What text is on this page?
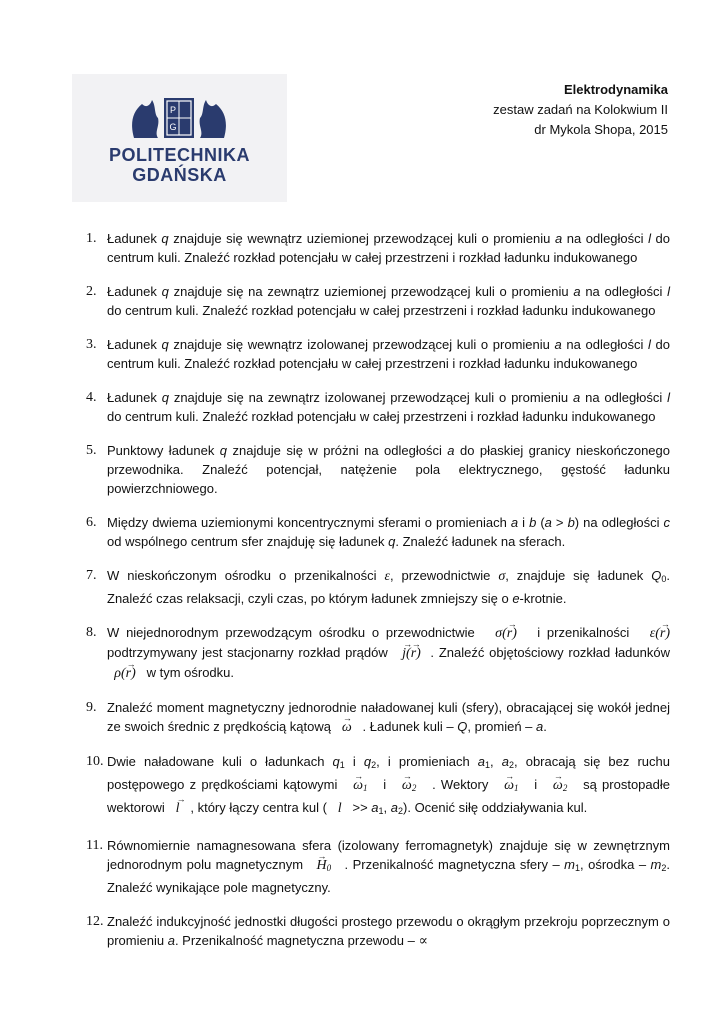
P
G
POLITECHNIKA
GDAŃSKA
Elektrodynamika
zestaw zadań na Kolokwium II
dr Mykola Shopa, 2015
1. Ładunek q znajduje się wewnątrz uziemionej przewodzącej kuli o promieniu a na odległości l do centrum kuli. Znaleźć rozkład potencjału w całej przestrzeni i rozkład ładunku indukowanego
2. Ładunek q znajduje się na zewnątrz uziemionej przewodzącej kuli o promieniu a na odległości l do centrum kuli. Znaleźć rozkład potencjału w całej przestrzeni i rozkład ładunku indukowanego
3. Ładunek q znajduje się wewnątrz izolowanej przewodzącej kuli o promieniu a na odległości l do centrum kuli. Znaleźć rozkład potencjału w całej przestrzeni i rozkład ładunku indukowanego
4. Ładunek q znajduje się na zewnątrz izolowanej przewodzącej kuli o promieniu a na odległości l do centrum kuli. Znaleźć rozkład potencjału w całej przestrzeni i rozkład ładunku indukowanego
5. Punktowy ładunek q znajduje się w próżni na odległości a do płaskiej granicy nieskończonego przewodnika. Znaleźć potencjał, natężenie pola elektrycznego, gęstość ładunku powierzchniowego.
6. Między dwiema uziemionymi koncentrycznymi sferami o promieniach a i b (a > b) na odległości c od wspólnego centrum sfer znajduję się ładunek q. Znaleźć ładunek na sferach.
7. W nieskończonym ośrodku o przenikalności ε, przewodnictwie σ, znajduje się ładunek $Q_0$. Znaleźć czas relaksacji, czyli czas, po którym ładunek zmniejszy się o e-krotnie.
8. W niejednorodnym przewodzącym ośrodku o przewodnictwie   σ(→ r)   i przenikalności   ε(→ r) podtrzymywany jest stacjonarny rozkład prądów   → j(→ r)  . Znaleźć objętościowy rozkład ładunków   ρ(→ r)   w tym ośrodku.
9. Znaleźć moment magnetyczny jednorodnie naładowanej kuli (sfery), obracającej się wokół jednej ze swoich średnic z prędkością kątową   → ω   . Ładunek kuli – Q, promień – a.
10. Dwie naładowane kuli o ładunkach $q_1$ i $q_2$, i promieniach $a_1$, $a_2$, obracają się bez ruchu postępowego z prędkościami kątowymi   → $\omega_1$   $i \to \omega_2$   . Wektory   → $\omega_1$   $i \to \omega_2$   są prostopadłe wektorowi   → l   , który łączy centra kul (   $l >> a_1$, $a_2$). Ocenić siłę oddziaływania kul.
11. Równomiernie namagnesowana sfera (izolowany ferromagnetyk) znajduje się w zewnętrznym jednorodnym polu magnetycznym   → $H_0$   . Przenikalność magnetyczna sfery – $m_1$, ośrodka – $m_2$. Znaleźć wynikające pole magnetyczny.
12. Znaleźć indukcyjność jednostki długości prostego przewodu o okrągłym przekroju poprzecznym o promieniu a. Przenikalność magnetyczna przewodu – ∝
